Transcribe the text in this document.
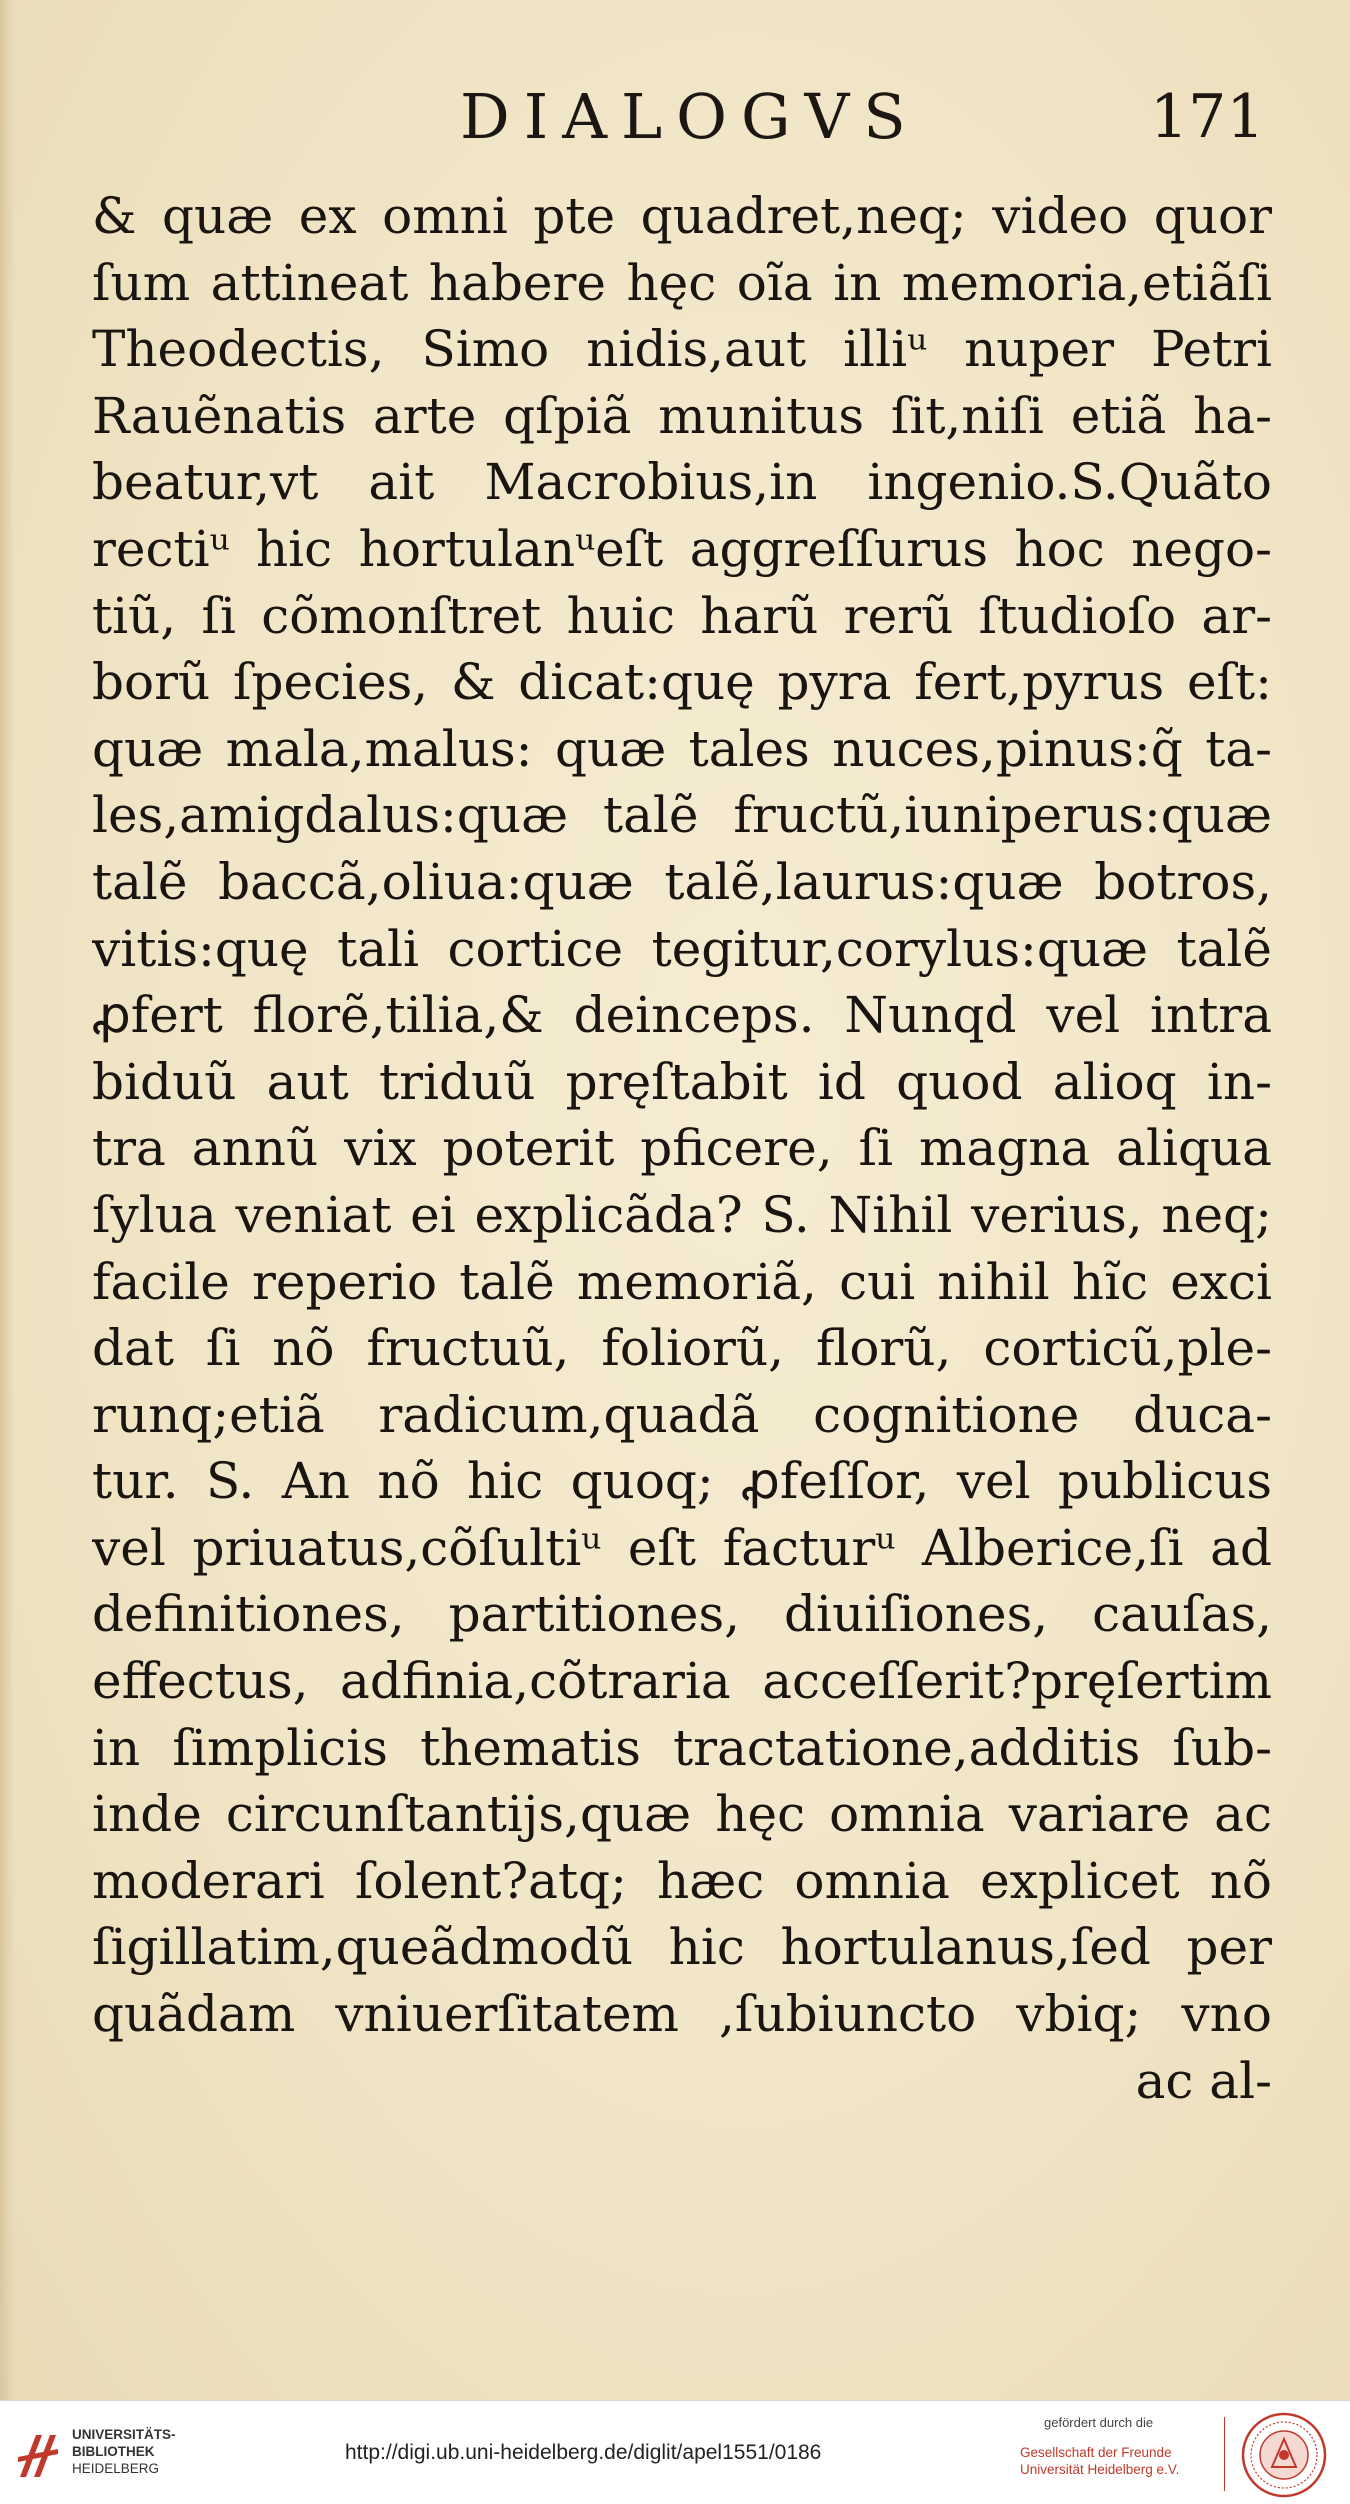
DIALOGVS	171
& quæ ex omni pte quadret,neq; video quor
ſum attineat habere hęc oĩa in memoria,etiãſi
Theodectis, Simo nidis,aut illiᵘ nuper Petri
Rauẽnatis arte qſpiã munitus ſit,niſi etiã ha-
beatur,vt ait Macrobius,in ingenio.S.Quãto
rectiᵘ hic hortulanᵘeſt aggreſſurus hoc nego-
tiũ, ſi cõmonſtret huic harũ rerũ ſtudioſo ar-
borũ ſpecies, & dicat:quę pyra fert,pyrus eſt:
quæ mala,malus: quæ tales nuces,pinus:q̃ ta-
les,amigdalus:quæ talẽ fructũ,iuniperus:quæ
talẽ baccã,oliua:quæ talẽ,laurus:quæ botros,
vitis:quę tali cortice tegitur,corylus:quæ talẽ
ꝓfert florẽ,tilia,& deinceps. Nunqd vel intra
biduũ aut triduũ pręſtabit id quod alioq in-
tra annũ vix poterit pficere, ſi magna aliqua
ſylua veniat ei explicãda? S. Nihil verius, neq;
facile reperio talẽ memoriã, cui nihil hĩc exci
dat ſi nõ fructuũ, foliorũ, florũ, corticũ,ple-
runq;etiã radicum,quadã cognitione duca-
tur. S. An nõ hic quoq; ꝓfeſſor, vel publicus
vel priuatus,cõſultiᵘ eſt facturᵘ Alberice,ſi ad
definitiones, partitiones, diuiſiones, cauſas,
effectus, adfinia,cõtraria acceſſerit?pręſertim
in ſimplicis thematis tractatione,additis ſub-
inde circunſtantijs,quæ hęc omnia variare ac
moderari ſolent?atq; hæc omnia explicet nõ
ſigillatim,queãdmodũ hic hortulanus,ſed per
quãdam vniuerſitatem ,ſubiuncto vbiq; vno
ac al-
UNIVERSITÄTS-
BIBLIOTHEK
HEIDELBERG
http://digi.ub.uni-heidelberg.de/diglit/apel1551/0186
gefördert durch die
Gesellschaft der Freunde
Universität Heidelberg e.V.
